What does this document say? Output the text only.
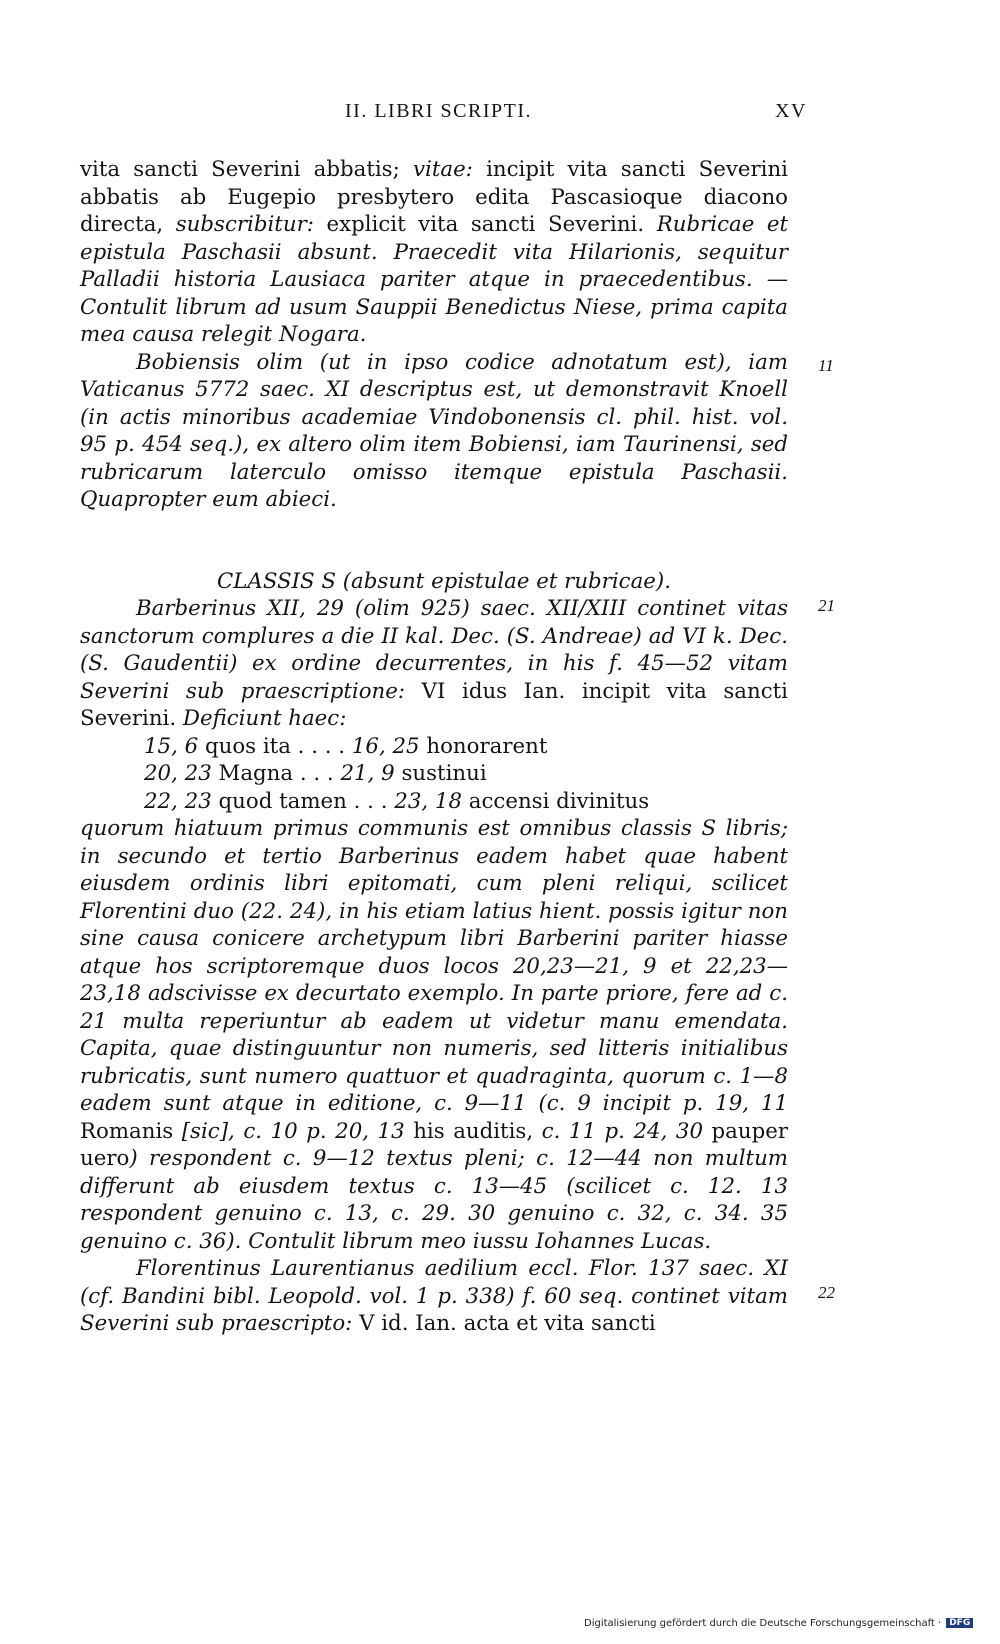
II. LIBRI SCRIPTI.	XV

vita sancti Severini abbatis; vitae: incipit vita sancti Severini abbatis ab Eugepio presbytero edita Pascasioque diacono directa, subscribitur: explicit vita sancti Severini. Rubricae et epistula Paschasii absunt. Praecedit vita Hilarionis, sequitur Palladii historia Lausiaca pariter atque in praecedentibus. — Contulit librum ad usum Sauppii Benedictus Niese, prima capita mea causa relegit Nogara.

Bobiensis olim (ut in ipso codice adnotatum est), iam Vaticanus 5772 saec. XI descriptus est, ut demonstravit Knoell (in actis minoribus academiae Vindobonensis cl. phil. hist. vol. 95 p. 454 seq.), ex altero olim item Bobiensi, iam Taurinensi, sed rubricarum laterculo omisso itemque epistula Paschasii. Quapropter eum abieci.

CLASSIS S (absunt epistulae et rubricae).

Barberinus XII, 29 (olim 925) saec. XII/XIII continet vitas sanctorum complures a die II kal. Dec. (S. Andreae) ad VI k. Dec. (S. Gaudentii) ex ordine decurrentes, in his f. 45—52 vitam Severini sub praescriptione: VI idus Ian. incipit vita sancti Severini. Deficiunt haec:

15, 6 quos ita . . . . 16, 25 honorarent
20, 23 Magna . . . 21, 9 sustinui
22, 23 quod tamen . . . 23, 18 accensi divinitus

quorum hiatuum primus communis est omnibus classis S libris; in secundo et tertio Barberinus eadem habet quae habent eiusdem ordinis libri epitomati, cum pleni reliqui, scilicet Florentini duo (22. 24), in his etiam latius hient. possis igitur non sine causa conicere archetypum libri Barberini pariter hiasse atque hos scriptoremque duos locos 20,23—21, 9 et 22,23—23,18 adscivisse ex decurtato exemplo. In parte priore, fere ad c. 21 multa reperiuntur ab eadem ut videtur manu emendata. Capita, quae distinguuntur non numeris, sed litteris initialibus rubricatis, sunt numero quattuor et quadraginta, quorum c. 1—8 eadem sunt atque in editione, c. 9—11 (c. 9 incipit p. 19, 11 Romanis [sic], c. 10 p. 20, 13 his auditis, c. 11 p. 24, 30 pauper uero) respondent c. 9—12 textus pleni; c. 12—44 non multum differunt ab eiusdem textus c. 13—45 (scilicet c. 12. 13 respondent genuino c. 13, c. 29. 30 genuino c. 32, c. 34. 35 genuino c. 36). Contulit librum meo iussu Iohannes Lucas.

Florentinus Laurentianus aedilium eccl. Flor. 137 saec. XI (cf. Bandini bibl. Leopold. vol. 1 p. 338) f. 60 seq. continet vitam Severini sub praescripto: V id. Ian. acta et vita sancti

11
21
22
Digitalisierung gefördert durch die Deutsche Forschungsgemeinschaft · DFG
